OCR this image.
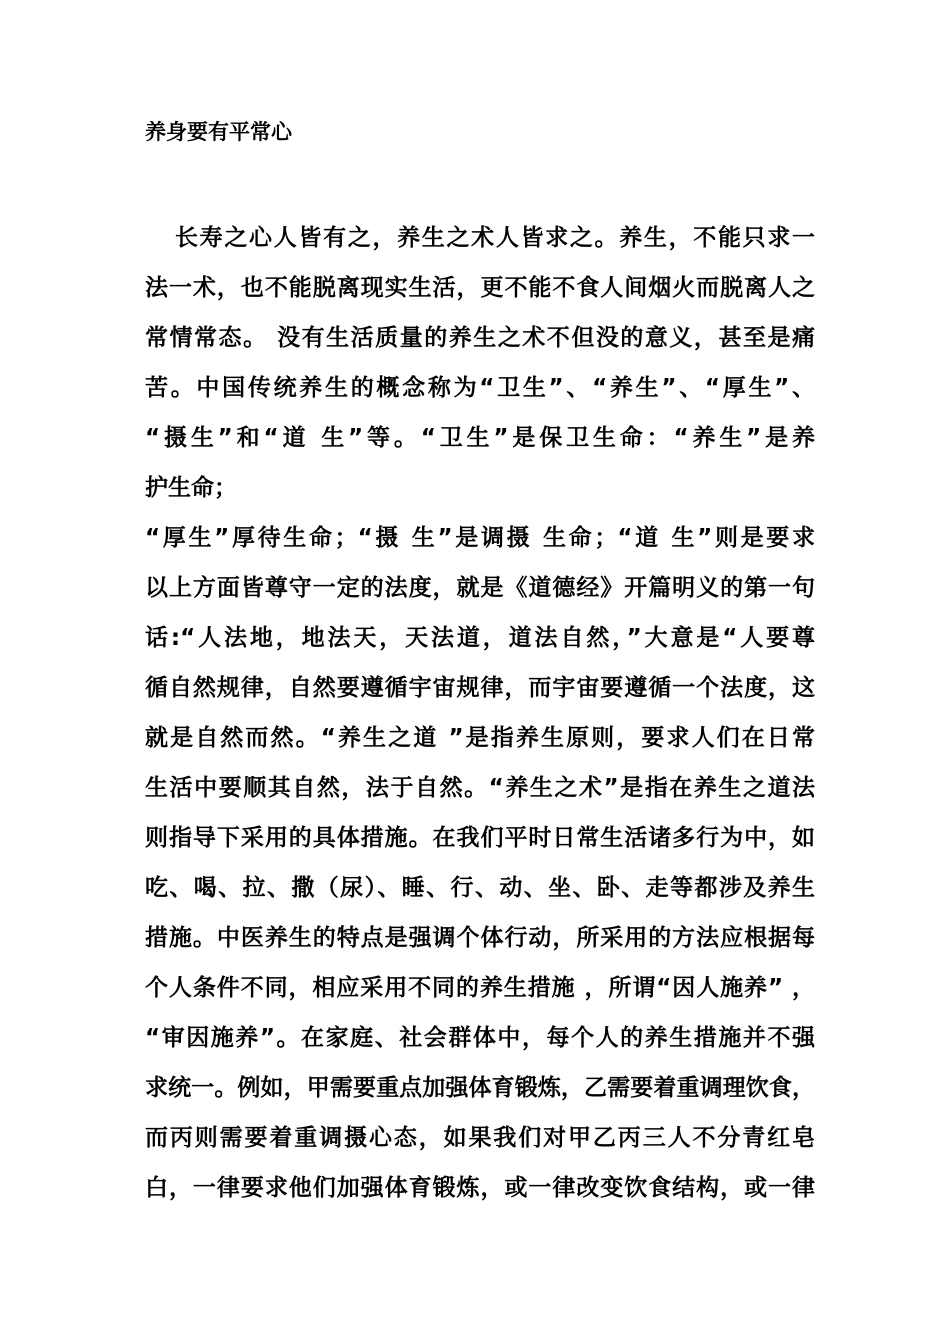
养身要有平常心
长寿之心人皆有之，养生之术人皆求之。养生，不能只求一
法一术，也不能脱离现实生活，更不能不食人间烟火而脱离人之
常情常态。 没有生活质量的养生之术不但没的意义，甚至是痛
苦。中国传统养生的概念称为“卫生”、“养生”、“厚生”、
“摄生”和“道 生”等。“卫生”是保卫生命：“养生”是养
护生命；
“厚生”厚待生命；“摄 生”是调摄 生命；“道 生”则是要求
以上方面皆尊守一定的法度，就是《道德经》开篇明义的第一句
话:“人法地，地法天，天法道，道法自然，”大意是“人要尊
循自然规律，自然要遵循宇宙规律，而宇宙要遵循一个法度，这
就是自然而然。“养生之道 ”是指养生原则，要求人们在日常
生活中要顺其自然，法于自然。“养生之术”是指在养生之道法
则指导下采用的具体措施。在我们平时日常生活诸多行为中，如
吃、喝、拉、撒（尿）、睡、行、动、坐、卧、走等都涉及养生
措施。中医养生的特点是强调个体行动，所采用的方法应根据每
个人条件不同，相应采用不同的养生措施 ，所谓“因人施养” ，
“审因施养”。在家庭、社会群体中，每个人的养生措施并不强
求统一。例如，甲需要重点加强体育锻炼，乙需要着重调理饮食，
而丙则需要着重调摄心态，如果我们对甲乙丙三人不分青红皂
白，一律要求他们加强体育锻炼，或一律改变饮食结构，或一律
